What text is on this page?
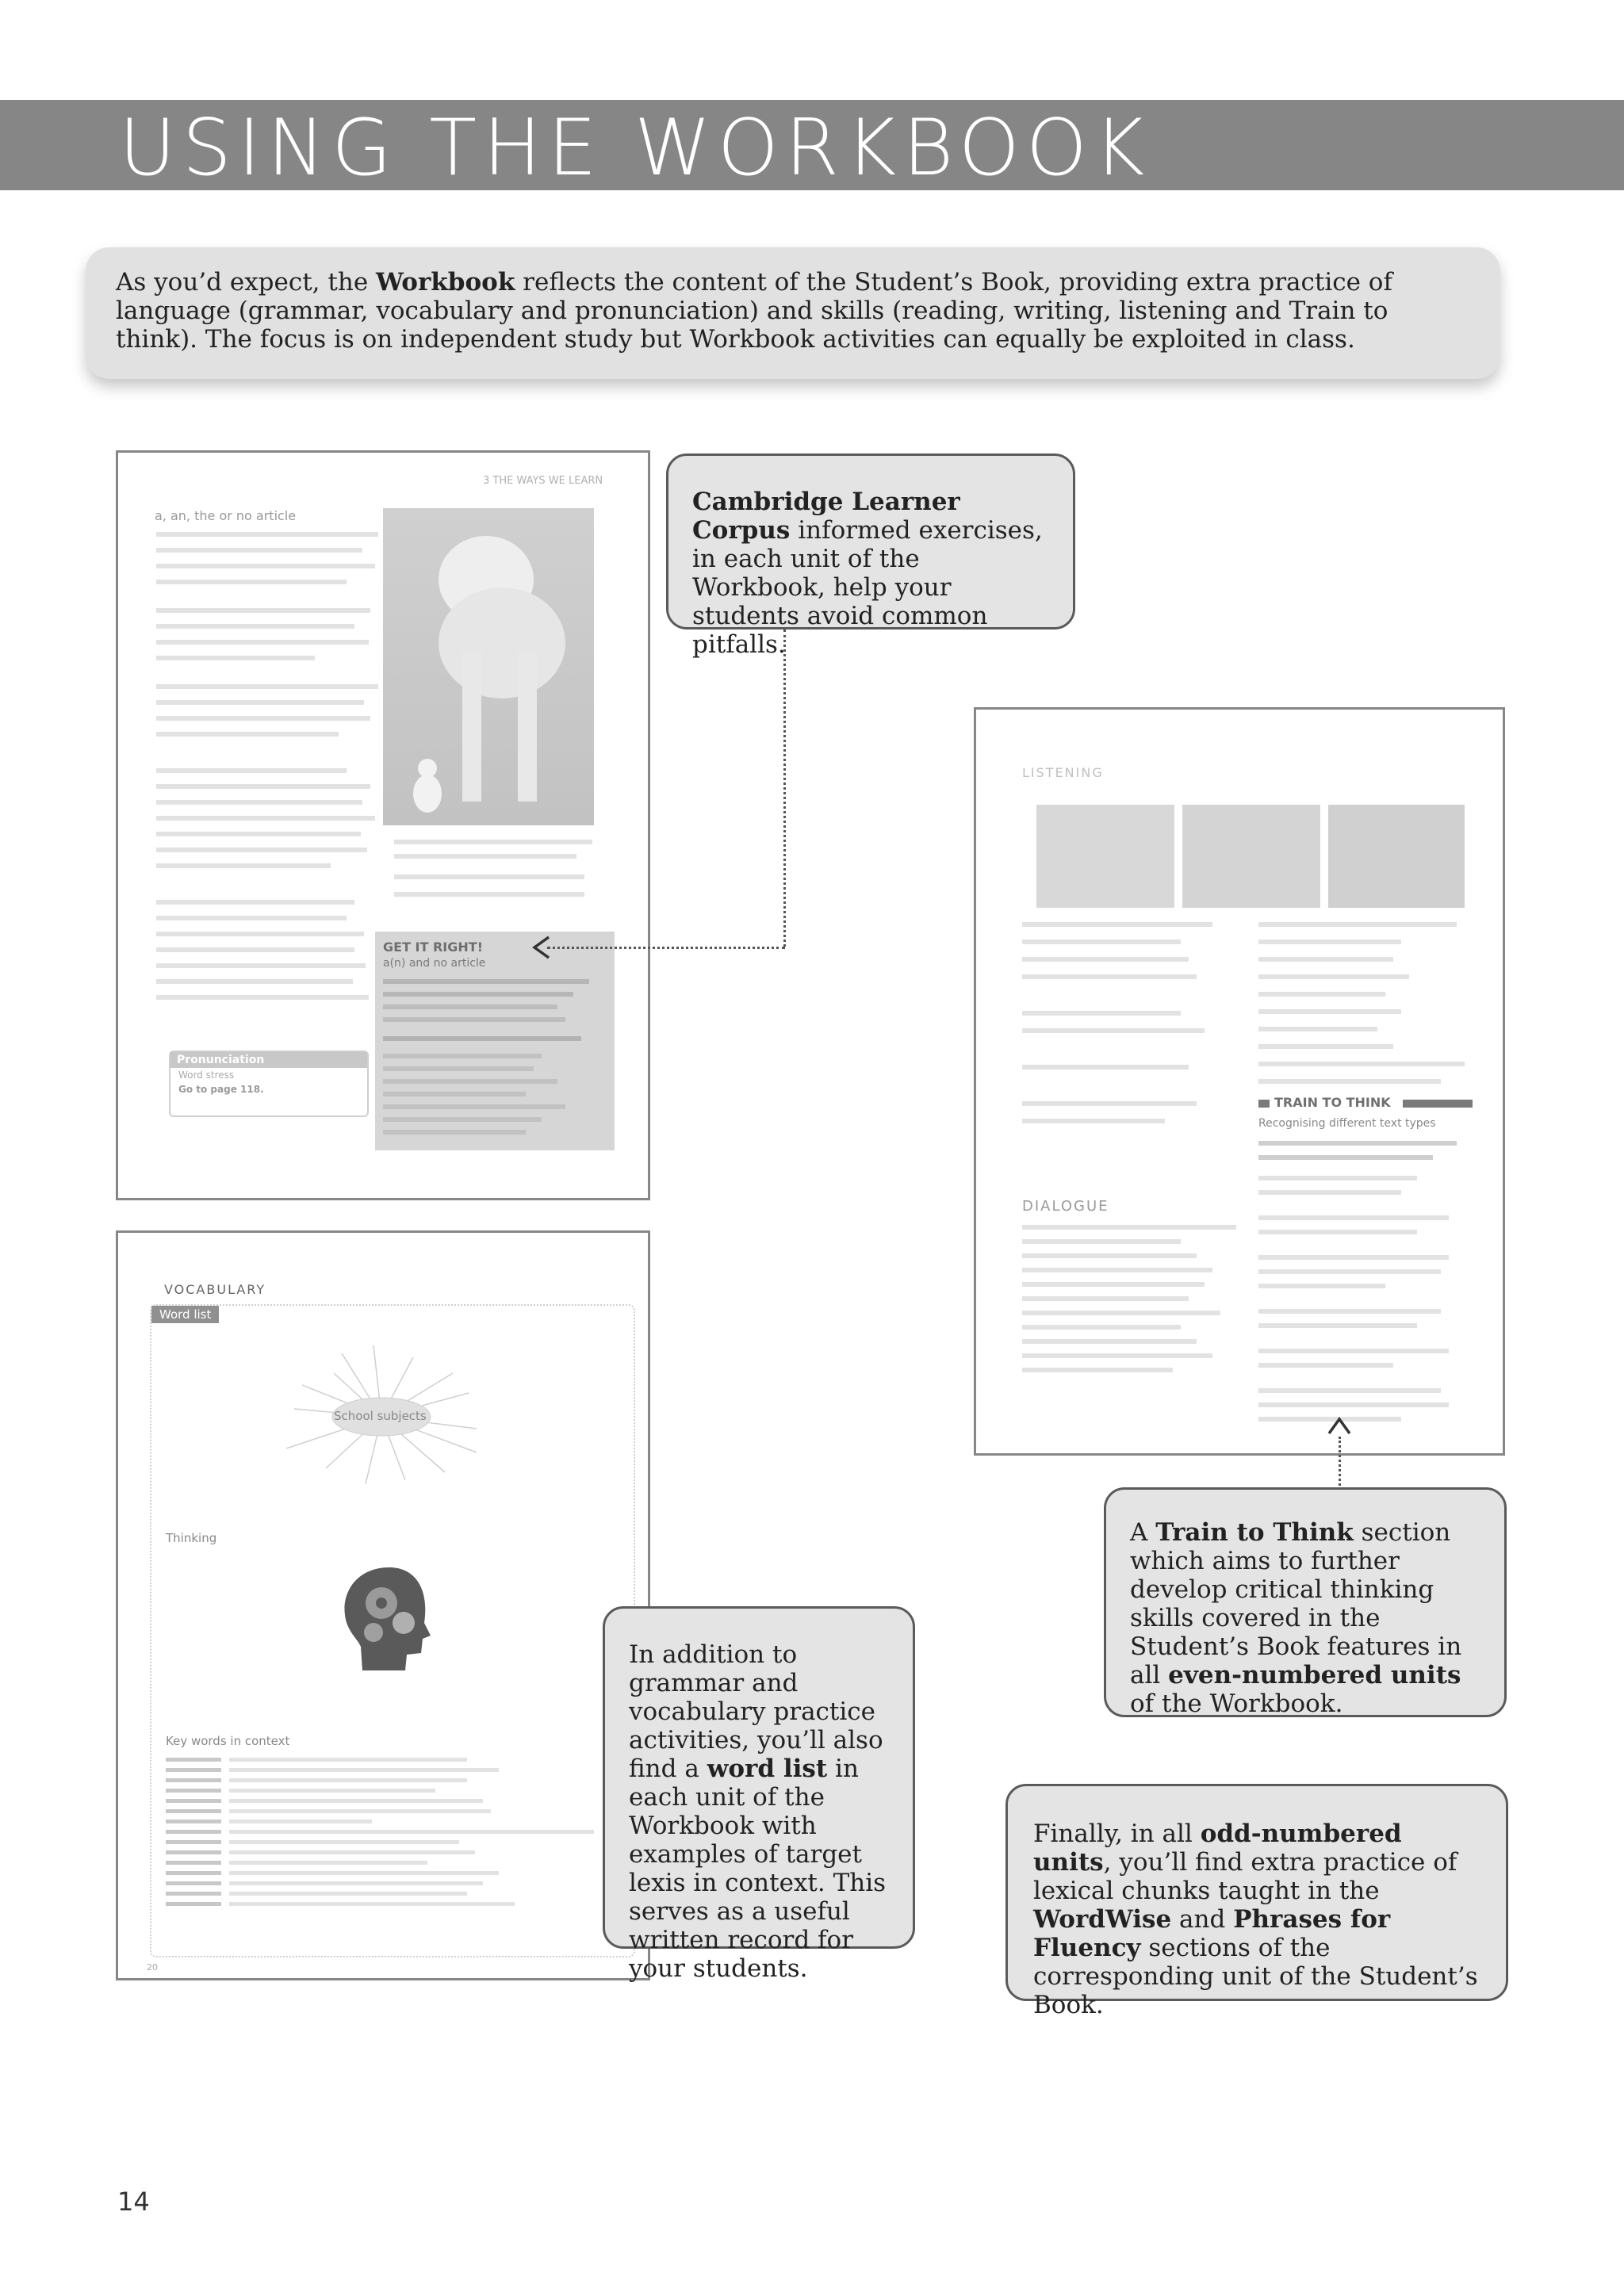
USING THE WORKBOOK
As you’d expect, the Workbook reflects the content of the Student’s Book, providing extra practice of language (grammar, vocabulary and pronunciation) and skills (reading, writing, listening and Train to think). The focus is on independent study but Workbook activities can equally be exploited in class.
3 THE WAYS WE LEARN
a, an, the or no article
GET IT RIGHT!
a(n) and no article
Pronunciation
Word stress
Go to page 118.
LISTENING
DIALOGUE
TRAIN TO THINK
Recognising different text types
VOCABULARY
Word list
School subjects
Thinking
Key words in context
20
Cambridge Learner Corpus informed exercises, in each unit of the Workbook, help your students avoid common pitfalls.
A Train to Think section which aims to further develop critical thinking skills covered in the Student’s Book features in all even-numbered units of the Workbook.
In addition to grammar and vocabulary practice activities, you’ll also find a word list in each unit of the Workbook with examples of target lexis in context. This serves as a useful written record for your students.
Finally, in all odd-numbered units, you’ll find extra practice of lexical chunks taught in the WordWise and Phrases for Fluency sections of the corresponding unit of the Student’s Book.
14
